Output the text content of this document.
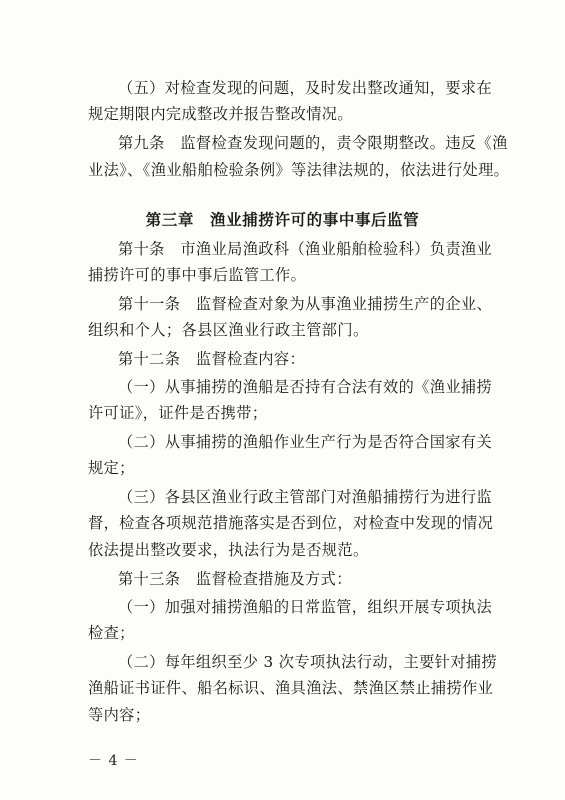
（五）对检查发现的问题，及时发出整改通知，要求在
规定期限内完成整改并报告整改情况。
第九条　监督检查发现问题的，责令限期整改。违反《渔
业法》、《渔业船舶检验条例》等法律法规的，依法进行处理。
第三章　渔业捕捞许可的事中事后监管
第十条　市渔业局渔政科（渔业船舶检验科）负责渔业
捕捞许可的事中事后监管工作。
第十一条　监督检查对象为从事渔业捕捞生产的企业、
组织和个人；各县区渔业行政主管部门。
第十二条　监督检查内容：
（一）从事捕捞的渔船是否持有合法有效的《渔业捕捞
许可证》，证件是否携带；
（二）从事捕捞的渔船作业生产行为是否符合国家有关
规定；
（三）各县区渔业行政主管部门对渔船捕捞行为进行监
督，检查各项规范措施落实是否到位，对检查中发现的情况
依法提出整改要求，执法行为是否规范。
第十三条　监督检查措施及方式：
（一）加强对捕捞渔船的日常监管，组织开展专项执法
检查；
（二）每年组织至少 3 次专项执法行动，主要针对捕捞
渔船证书证件、船名标识、渔具渔法、禁渔区禁止捕捞作业
等内容；
－ 4 －
